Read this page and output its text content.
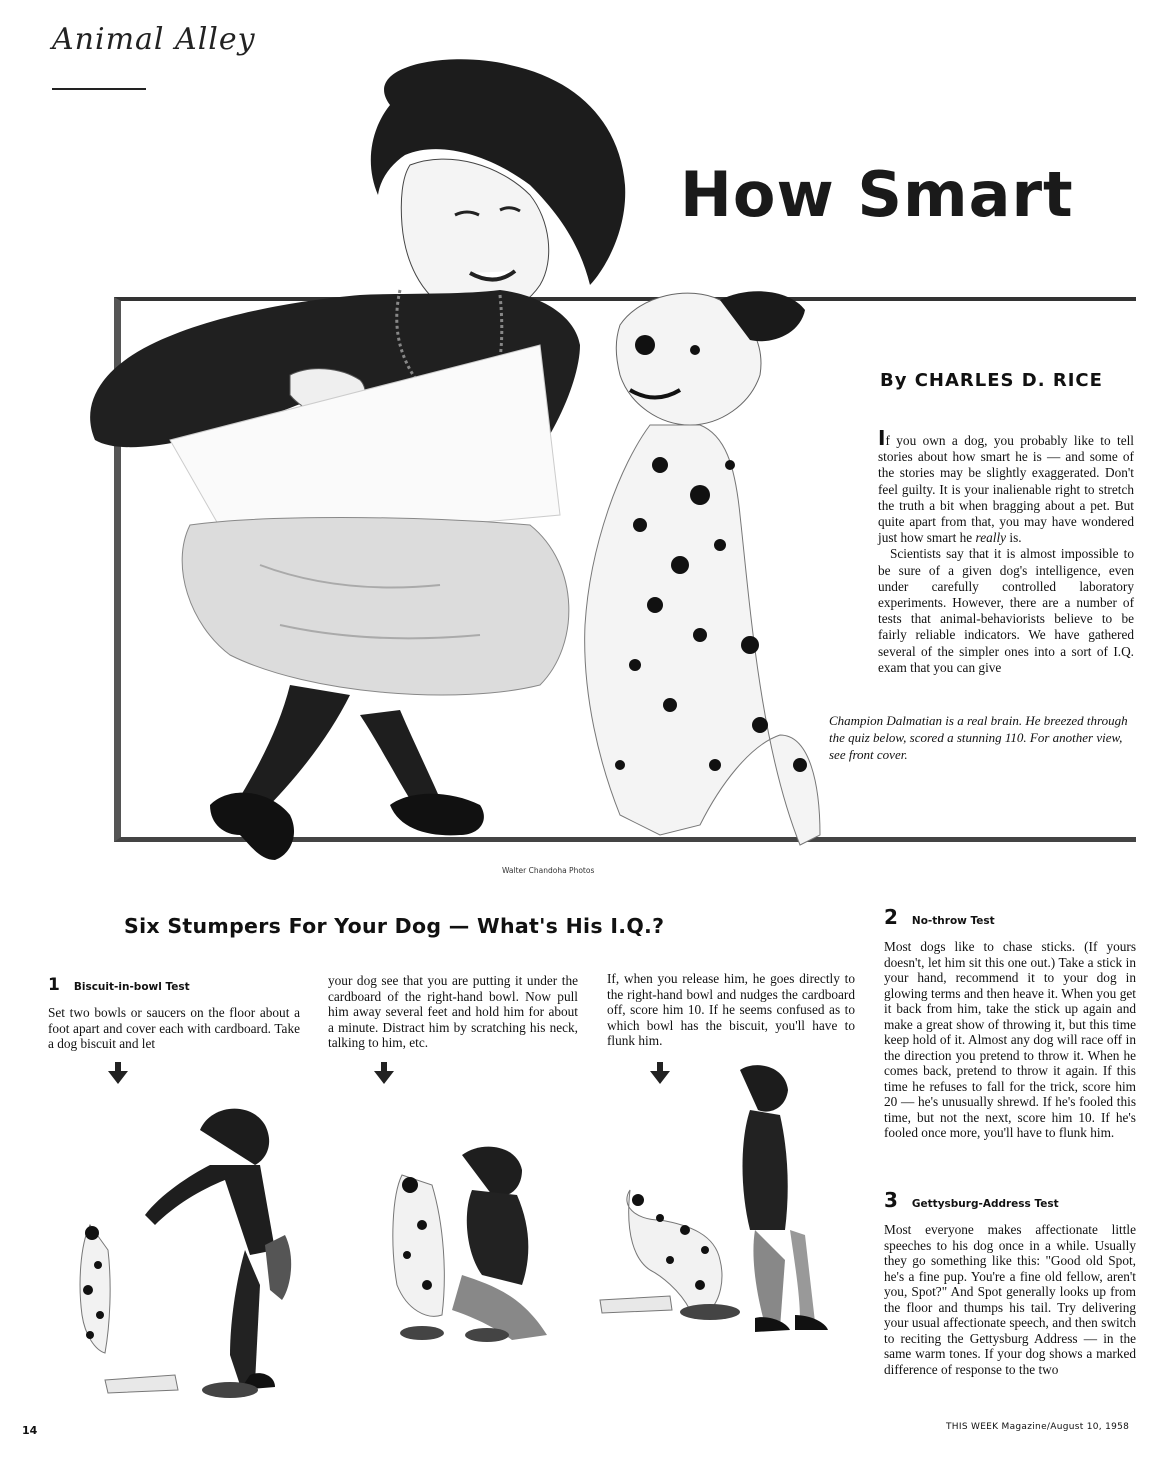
Animal Alley
How Smart
By CHARLES D. RICE

If you own a dog, you probably like to tell stories about how smart he is — and some of the stories may be slightly exaggerated. Don't feel guilty. It is your inalienable right to stretch the truth a bit when bragging about a pet. But quite apart from that, you may have wondered just how smart he really is.

Scientists say that it is almost impossible to be sure of a given dog's intelligence, even under carefully controlled laboratory experiments. However, there are a number of tests that animal-behaviorists believe to be fairly reliable indicators. We have gathered several of the simpler ones into a sort of I.Q. exam that you can give

Champion Dalmatian is a real brain. He breezed through the quiz below, scored a stunning 110. For another view, see front cover.
Walter Chandoha Photos
Six Stumpers For Your Dog — What's His I.Q.?
1 Biscuit-in-bowl Test

Set two bowls or saucers on the floor about a foot apart and cover each with cardboard. Take a dog biscuit and let

your dog see that you are putting it under the cardboard of the right-hand bowl. Now pull him away several feet and hold him for about a minute. Distract him by scratching his neck, talking to him, etc.

If, when you release him, he goes directly to the right-hand bowl and nudges the cardboard off, score him 10. If he seems confused as to which bowl has the biscuit, you'll have to flunk him.

2 No-throw Test

Most dogs like to chase sticks. (If yours doesn't, let him sit this one out.) Take a stick in your hand, recommend it to your dog in glowing terms and then heave it. When you get it back from him, take the stick up again and make a great show of throwing it, but this time keep hold of it. Almost any dog will race off in the direction you pretend to throw it. When he comes back, pretend to throw it again. If this time he refuses to fall for the trick, score him 20 — he's unusually shrewd. If he's fooled this time, but not the next, score him 10. If he's fooled once more, you'll have to flunk him.

3 Gettysburg-Address Test

Most everyone makes affectionate little speeches to his dog once in a while. Usually they go something like this: "Good old Spot, he's a fine pup. You're a fine old fellow, aren't you, Spot?" And Spot generally looks up from the floor and thumps his tail. Try delivering your usual affectionate speech, and then switch to reciting the Gettysburg Address — in the same warm tones. If your dog shows a marked difference of response to the two

14	THIS WEEK Magazine/August 10, 1958
